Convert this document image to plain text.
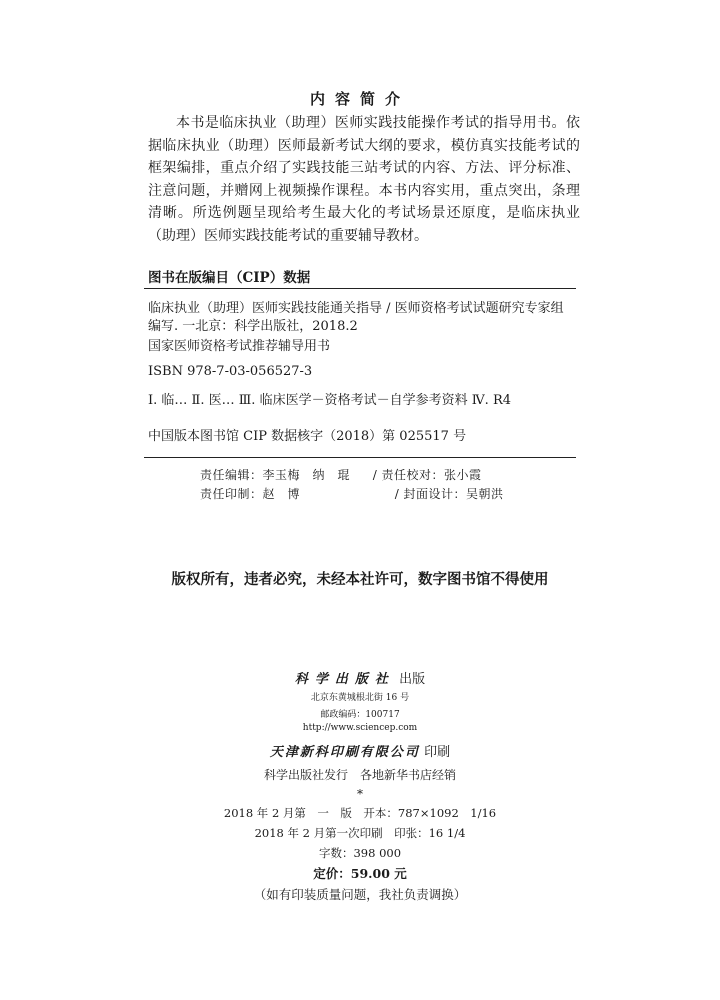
内容简介
本书是临床执业（助理）医师实践技能操作考试的指导用书。依据临床执业（助理）医师最新考试大纲的要求，模仿真实技能考试的框架编排，重点介绍了实践技能三站考试的内容、方法、评分标准、注意问题，并赠网上视频操作课程。本书内容实用，重点突出，条理清晰。所选例题呈现给考生最大化的考试场景还原度，是临床执业（助理）医师实践技能考试的重要辅导教材。
图书在版编目（CIP）数据
临床执业（助理）医师实践技能通关指导 / 医师资格考试试题研究专家组编写. 一北京：科学出版社，2018.2
国家医师资格考试推荐辅导用书
ISBN 978-7-03-056527-3
Ⅰ. 临… Ⅱ. 医… Ⅲ. 临床医学－资格考试－自学参考资料 Ⅳ. R4
中国版本图书馆 CIP 数据核字（2018）第 025517 号
责任编辑：李玉梅　纳　琨 / 责任校对：张小霞
责任印制：赵　博	/ 封面设计：吴朝洪
版权所有，违者必究，未经本社许可，数字图书馆不得使用
科学出版社 出版
北京东黄城根北街 16 号
邮政编码：100717
http://www.sciencep.com
天津新科印刷有限公司 印刷
科学出版社发行　各地新华书店经销
*
2018 年 2 月第　一　版　开本：787×1092　1/16
2018 年 2 月第一次印刷　印张：16 1/4
字数：398 000
定价：59.00 元
（如有印装质量问题，我社负责调换）
